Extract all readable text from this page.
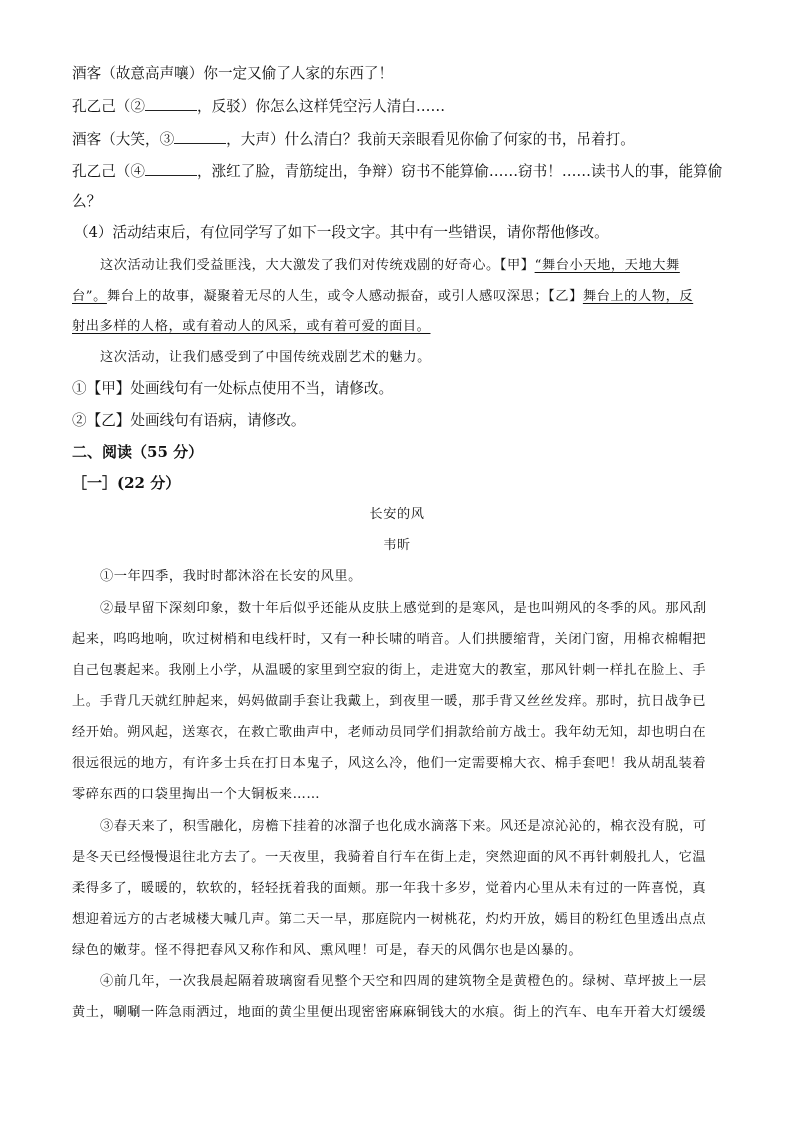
酒客（故意高声嚷）你一定又偷了人家的东西了！
孔乙己（②	，反驳）你怎么这样凭空污人清白……
酒客（大笑，③	，大声）什么清白？我前天亲眼看见你偷了何家的书，吊着打。
孔乙己（④	，涨红了脸，青筋绽出，争辩）窃书不能算偷……窃书！……读书人的事，能算偷
么？
（4）活动结束后，有位同学写了如下一段文字。其中有一些错误，请你帮他修改。
这次活动让我们受益匪浅，大大激发了我们对传统戏剧的好奇心。【甲】“舞台小天地，天地大舞
台”。舞台上的故事，凝聚着无尽的人生，或令人感动振奋，或引人感叹深思；【乙】舞台上的人物，反
射出多样的人格，或有着动人的风采，或有着可爱的面目。
这次活动，让我们感受到了中国传统戏剧艺术的魅力。
①【甲】处画线句有一处标点使用不当，请修改。
②【乙】处画线句有语病，请修改。
二、阅读（55 分）
［一］(22 分）
长安的风
韦昕
①一年四季，我时时都沐浴在长安的风里。
②最早留下深刻印象，数十年后似乎还能从皮肤上感觉到的是寒风，是也叫朔风的冬季的风。那风刮
起来，呜呜地响，吹过树梢和电线杆时，又有一种长啸的哨音。人们拱腰缩背，关闭门窗，用棉衣棉帽把
自己包裹起来。我刚上小学，从温暖的家里到空寂的街上，走进宽大的教室，那风针刺一样扎在脸上、手
上。手背几天就红肿起来，妈妈做副手套让我戴上，到夜里一暖，那手背又丝丝发痒。那时，抗日战争已
经开始。朔风起，送寒衣，在救亡歌曲声中，老师动员同学们捐款给前方战士。我年幼无知，却也明白在
很远很远的地方，有许多士兵在打日本鬼子，风这么冷，他们一定需要棉大衣、棉手套吧！我从胡乱装着
零碎东西的口袋里掏出一个大铜板来……
③春天来了，积雪融化，房檐下挂着的冰溜子也化成水滴落下来。风还是凉沁沁的，棉衣没有脱，可
是冬天已经慢慢退往北方去了。一天夜里，我骑着自行车在街上走，突然迎面的风不再针刺般扎人，它温
柔得多了，暖暖的，软软的，轻轻抚着我的面颊。那一年我十多岁，觉着内心里从未有过的一阵喜悦，真
想迎着远方的古老城楼大喊几声。第二天一早，那庭院内一树桃花，灼灼开放，嫣目的粉红色里透出点点
绿色的嫩芽。怪不得把春风又称作和风、熏风哩！可是，春天的风偶尔也是凶暴的。
④前几年，一次我晨起隔着玻璃窗看见整个天空和四周的建筑物全是黄橙色的。绿树、草坪披上一层
黄土，唰唰一阵急雨洒过，地面的黄尘里便出现密密麻麻铜钱大的水痕。街上的汽车、电车开着大灯缓缓
